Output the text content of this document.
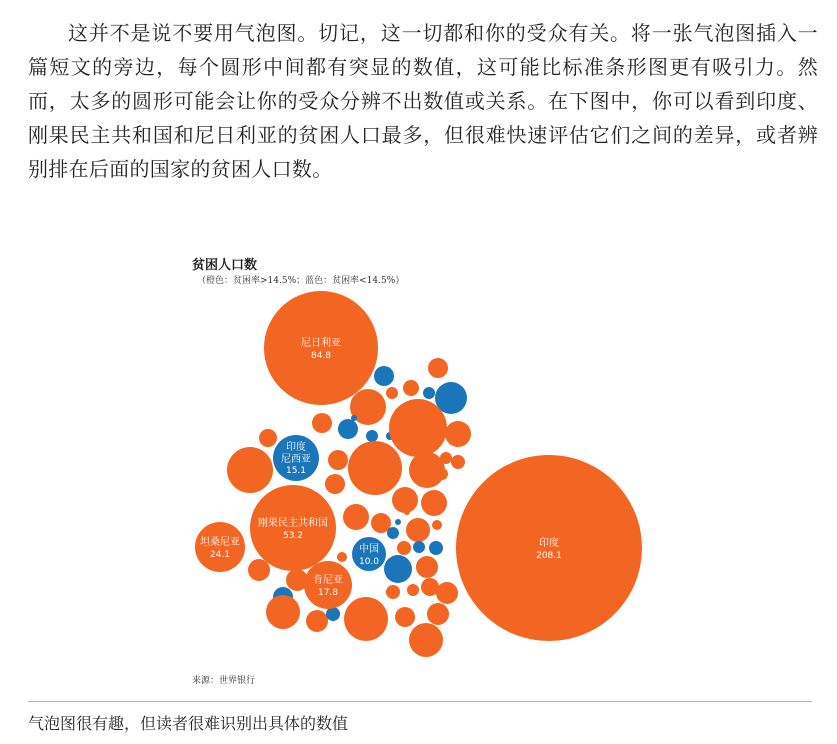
这并不是说不要用气泡图。切记，这一切都和你的受众有关。将一张气泡图插入一篇短文的旁边，每个圆形中间都有突显的数值，这可能比标准条形图更有吸引力。然而，太多的圆形可能会让你的受众分辨不出数值或关系。在下图中，你可以看到印度、刚果民主共和国和尼日利亚的贫困人口最多，但很难快速评估它们之间的差异，或者辨别排在后面的国家的贫困人口数。

印度
208.1
尼日利亚
84.8
刚果民主共和国
53.2
坦桑尼亚
24.1
肯尼亚
17.8
印度
尼西亚
15.1
中国
10.0
贫困人口数
（橙色：贫困率>14.5%；蓝色：贫困率<14.5%）
来源：世界银行
气泡图很有趣，但读者很难识别出具体的数值
